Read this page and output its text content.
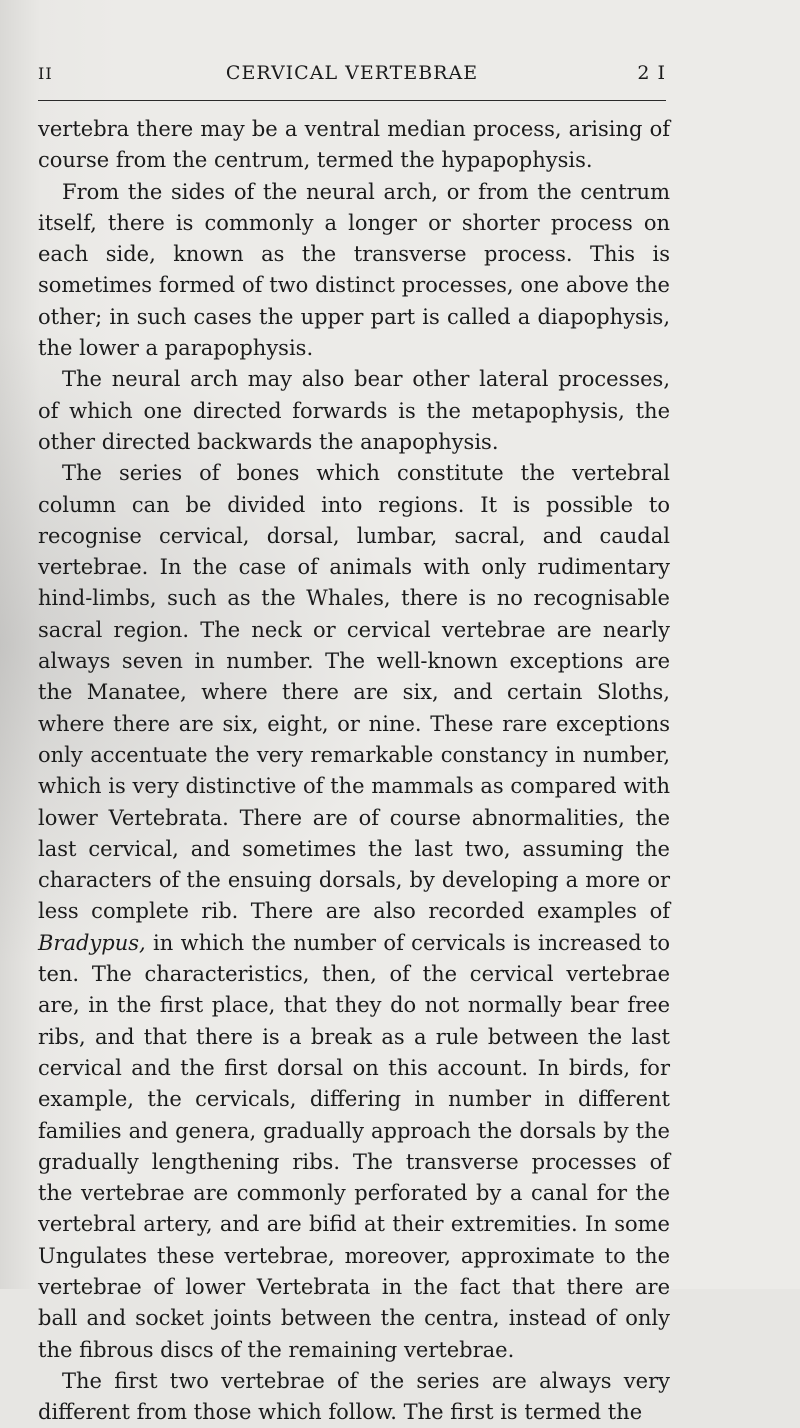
II	CERVICAL VERTEBRAE	2 I

vertebra there may be a ventral median process, arising of course from the centrum, termed the hypapophysis.

From the sides of the neural arch, or from the centrum itself, there is commonly a longer or shorter process on each side, known as the transverse process. This is sometimes formed of two distinct processes, one above the other; in such cases the upper part is called a diapophysis, the lower a parapophysis.

The neural arch may also bear other lateral processes, of which one directed forwards is the metapophysis, the other directed backwards the anapophysis.

The series of bones which constitute the vertebral column can be divided into regions. It is possible to recognise cervical, dorsal, lumbar, sacral, and caudal vertebrae. In the case of animals with only rudimentary hind-limbs, such as the Whales, there is no recognisable sacral region. The neck or cervical vertebrae are nearly always seven in number. The well-known exceptions are the Manatee, where there are six, and certain Sloths, where there are six, eight, or nine. These rare exceptions only accentuate the very remarkable constancy in number, which is very distinctive of the mammals as compared with lower Vertebrata. There are of course abnormalities, the last cervical, and sometimes the last two, assuming the characters of the ensuing dorsals, by developing a more or less complete rib. There are also recorded examples of Bradypus, in which the number of cervicals is increased to ten. The characteristics, then, of the cervical vertebrae are, in the first place, that they do not normally bear free ribs, and that there is a break as a rule between the last cervical and the first dorsal on this account. In birds, for example, the cervicals, differing in number in different families and genera, gradually approach the dorsals by the gradually lengthening ribs. The transverse processes of the vertebrae are commonly perforated by a canal for the vertebral artery, and are bifid at their extremities. In some Ungulates these vertebrae, moreover, approximate to the vertebrae of lower Vertebrata in the fact that there are ball and socket joints between the centra, instead of only the fibrous discs of the remaining vertebrae.

The first two vertebrae of the series are always very different from those which follow. The first is termed the
